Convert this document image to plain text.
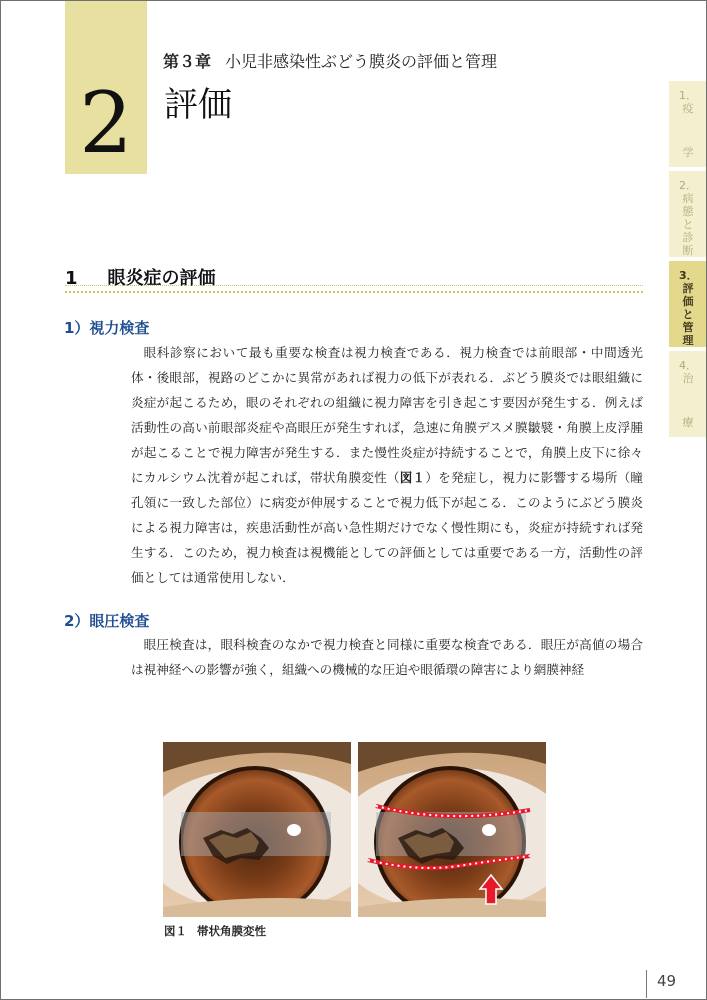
2
第３章 小児非感染性ぶどう膜炎の評価と管理
評価	1．疫
学
2．病態と診断
3．評価と管理
4．治
療
1 眼炎症の評価
1）視力検査

眼科診察において最も重要な検査は視力検査である．視力検査では前眼部・中間透光体・後眼部，視路のどこかに異常があれば視力の低下が表れる．ぶどう膜炎では眼組織に炎症が起こるため，眼のそれぞれの組織に視力障害を引き起こす要因が発生する．例えば活動性の高い前眼部炎症や高眼圧が発生すれば，急速に角膜デスメ膜皺襞・角膜上皮浮腫が起こることで視力障害が発生する．また慢性炎症が持続することで，角膜上皮下に徐々にカルシウム沈着が起これば，帯状角膜変性（図１）を発症し，視力に影響する場所（瞳孔領に一致した部位）に病変が伸展することで視力低下が起こる．このようにぶどう膜炎による視力障害は，疾患活動性が高い急性期だけでなく慢性期にも，炎症が持続すれば発生する．このため，視力検査は視機能としての評価としては重要である一方，活動性の評価としては通常使用しない．

2）眼圧検査

眼圧検査は，眼科検査のなかで視力検査と同様に重要な検査である．眼圧が高値の場合は視神経への影響が強く，組織への機械的な圧迫や眼循環の障害により網膜神経

図１ 帯状角膜変性
49
